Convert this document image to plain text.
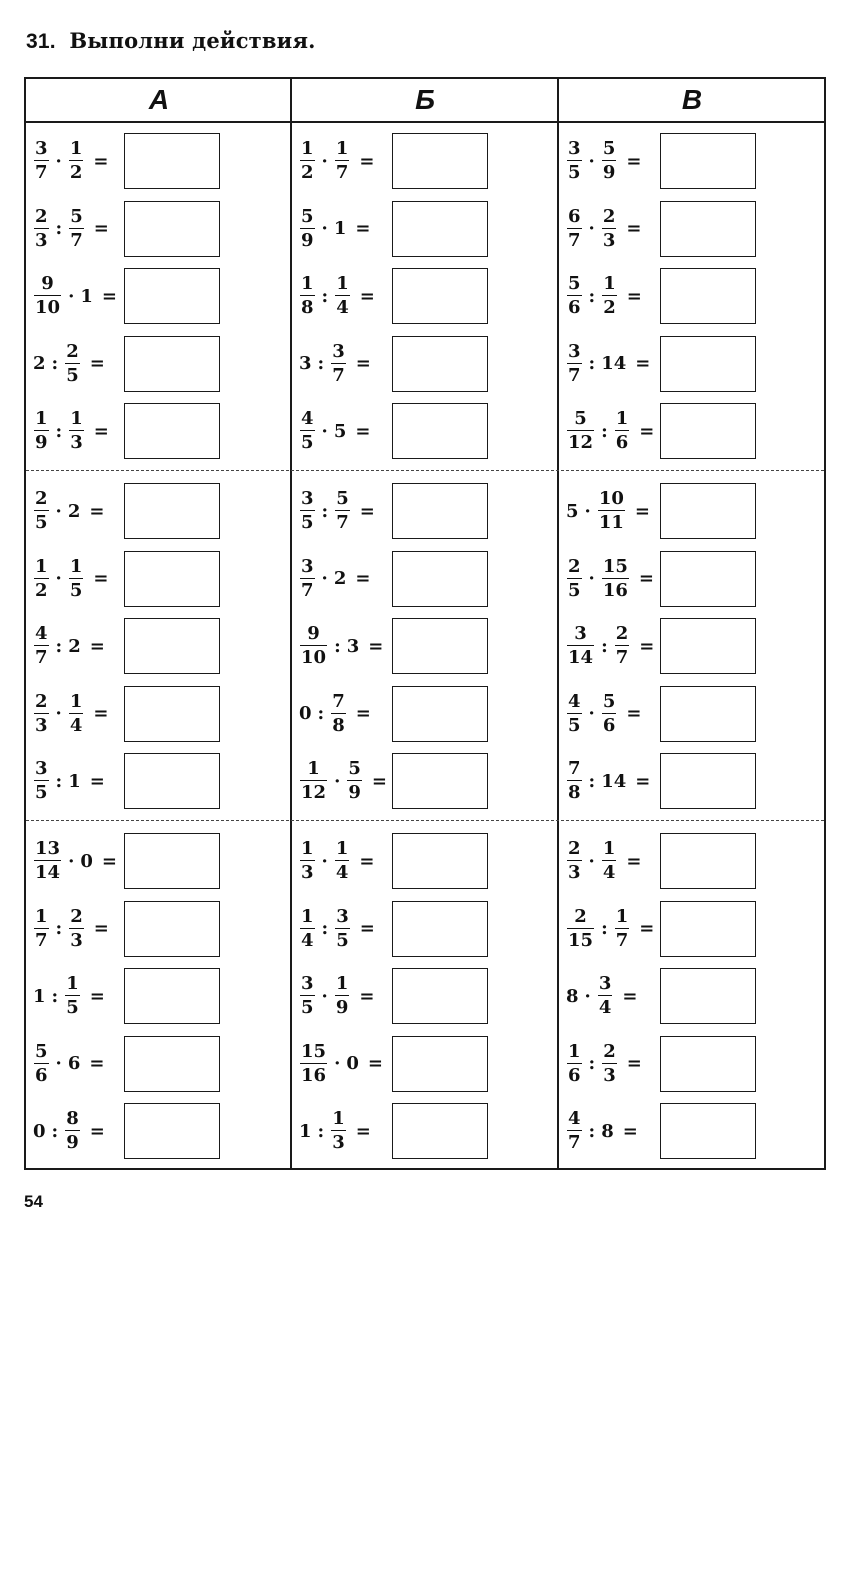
31. Выполни действия.
А	Б	В
$\frac{3}{7} \cdot \frac{1}{2}$ =
$\frac{2}{3}$ : $\frac{5}{7}$ =
$\frac{9}{10} \cdot 1$ =
2 : $\frac{2}{5}$ =
$\frac{1}{9}$ : $\frac{1}{3}$ =
$\frac{2}{5} \cdot 2$ =
$\frac{1}{2} \cdot \frac{1}{5}$ =
$\frac{4}{7}$ : 2 =
$\frac{2}{3} \cdot \frac{1}{4}$ =
$\frac{3}{5}$ : 1 =
$\frac{13}{14} \cdot 0$ =
$\frac{1}{7}$ : $\frac{2}{3}$ =
1 : $\frac{1}{5}$ =
$\frac{5}{6} \cdot 6$ =
0 : $\frac{8}{9}$ =
$\frac{1}{2} \cdot \frac{1}{7}$ =
$\frac{5}{9} \cdot 1$ =
$\frac{1}{8}$ : $\frac{1}{4}$ =
3 : $\frac{3}{7}$ =
$\frac{4}{5} \cdot 5$ =
$\frac{3}{5}$ : $\frac{5}{7}$ =
$\frac{3}{7} \cdot 2$ =
$\frac{9}{10}$ : 3 =
0 : $\frac{7}{8}$ =
$\frac{1}{12} \cdot \frac{5}{9}$ =
$\frac{1}{3} \cdot \frac{1}{4}$ =
$\frac{1}{4}$ : $\frac{3}{5}$ =
$\frac{3}{5} \cdot \frac{1}{9}$ =
$\frac{15}{16} \cdot 0$ =
1 : $\frac{1}{3}$ =
$\frac{3}{5} \cdot \frac{5}{9}$ =
$\frac{6}{7} \cdot \frac{2}{3}$ =
$\frac{5}{6}$ : $\frac{1}{2}$ =
$\frac{3}{7}$ : 14 =
$\frac{5}{12}$ : $\frac{1}{6}$ =
$5 \cdot \frac{10}{11}$ =
$\frac{2}{5} \cdot \frac{15}{16}$ =
$\frac{3}{14}$ : $\frac{2}{7}$ =
$\frac{4}{5} \cdot \frac{5}{6}$ =
$\frac{7}{8}$ : 14 =
$\frac{2}{3} \cdot \frac{1}{4}$ =
$\frac{2}{15}$ : $\frac{1}{7}$ =
$8 \cdot \frac{3}{4}$ =
$\frac{1}{6}$ : $\frac{2}{3}$ =
$\frac{4}{7}$ : 8 =
54
